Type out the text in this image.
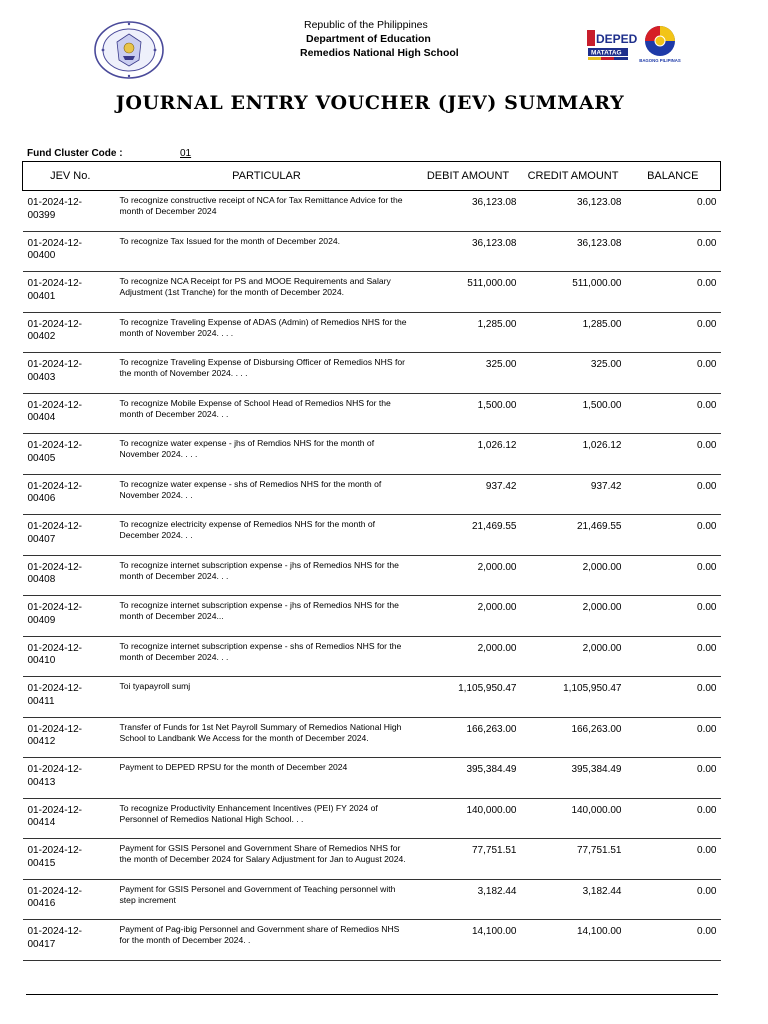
Republic of the Philippines
Department of Education
Remedios National High School
DEPED
MATATAG
BAGONG PILIPINAS
JOURNAL ENTRY VOUCHER (JEV) SUMMARY
Fund Cluster Code :	01
JEV No.	PARTICULAR	DEBIT AMOUNT	CREDIT AMOUNT	BALANCE
01-2024-12-
00399	To recognize constructive receipt of NCA for Tax Remittance Advice for the month of December 2024	36,123.08	36,123.08	0.00
01-2024-12-
00400	To recognize Tax Issued for the month of December 2024.	36,123.08	36,123.08	0.00
01-2024-12-
00401	To recognize NCA Receipt for PS and MOOE Requirements and Salary Adjustment (1st Tranche) for the month of December 2024.	511,000.00	511,000.00	0.00
01-2024-12-
00402	To recognize Traveling Expense of ADAS (Admin) of Remedios NHS for the month of November 2024. . . .	1,285.00	1,285.00	0.00
01-2024-12-
00403	To recognize Traveling Expense of Disbursing Officer of Remedios NHS for the month of November 2024. . . .	325.00	325.00	0.00
01-2024-12-
00404	To recognize Mobile Expense of School Head of Remedios NHS for the month of December 2024. . .	1,500.00	1,500.00	0.00
01-2024-12-
00405	To recognize water expense - jhs of Remdios NHS for the month of November 2024. . . .	1,026.12	1,026.12	0.00
01-2024-12-
00406	To recognize water expense - shs of Remedios NHS for the month of November 2024. . .	937.42	937.42	0.00
01-2024-12-
00407	To recognize electricity expense of Remedios NHS for the month of December 2024. . .	21,469.55	21,469.55	0.00
01-2024-12-
00408	To recognize internet subscription expense - jhs of Remedios NHS for the month of December 2024. . .	2,000.00	2,000.00	0.00
01-2024-12-
00409	To recognize internet subscription expense - jhs of Remedios NHS for the month of December 2024...	2,000.00	2,000.00	0.00
01-2024-12-
00410	To recognize internet subscription expense - shs of Remedios NHS for the month of December 2024. . .	2,000.00	2,000.00	0.00
01-2024-12-
00411	Toi tyapayroll sumj	1,105,950.47	1,105,950.47	0.00
01-2024-12-
00412	Transfer of Funds for 1st Net Payroll Summary of Remedios National High School to Landbank We Access for the month of December 2024.	166,263.00	166,263.00	0.00
01-2024-12-
00413	Payment to DEPED RPSU for the month of December 2024	395,384.49	395,384.49	0.00
01-2024-12-
00414	To recognize Productivity Enhancement Incentives (PEI) FY 2024 of Personnel of Remedios National High School. . .	140,000.00	140,000.00	0.00
01-2024-12-
00415	Payment for GSIS Personel and Government Share of Remedios NHS for the month of December 2024 for Salary Adjustment for Jan to August 2024.	77,751.51	77,751.51	0.00
01-2024-12-
00416	Payment for GSIS Personel and Government of Teaching personnel with step increment	3,182.44	3,182.44	0.00
01-2024-12-
00417	Payment of Pag-ibig Personnel and Government share of Remedios NHS for the month of December 2024. .	14,100.00	14,100.00	0.00
